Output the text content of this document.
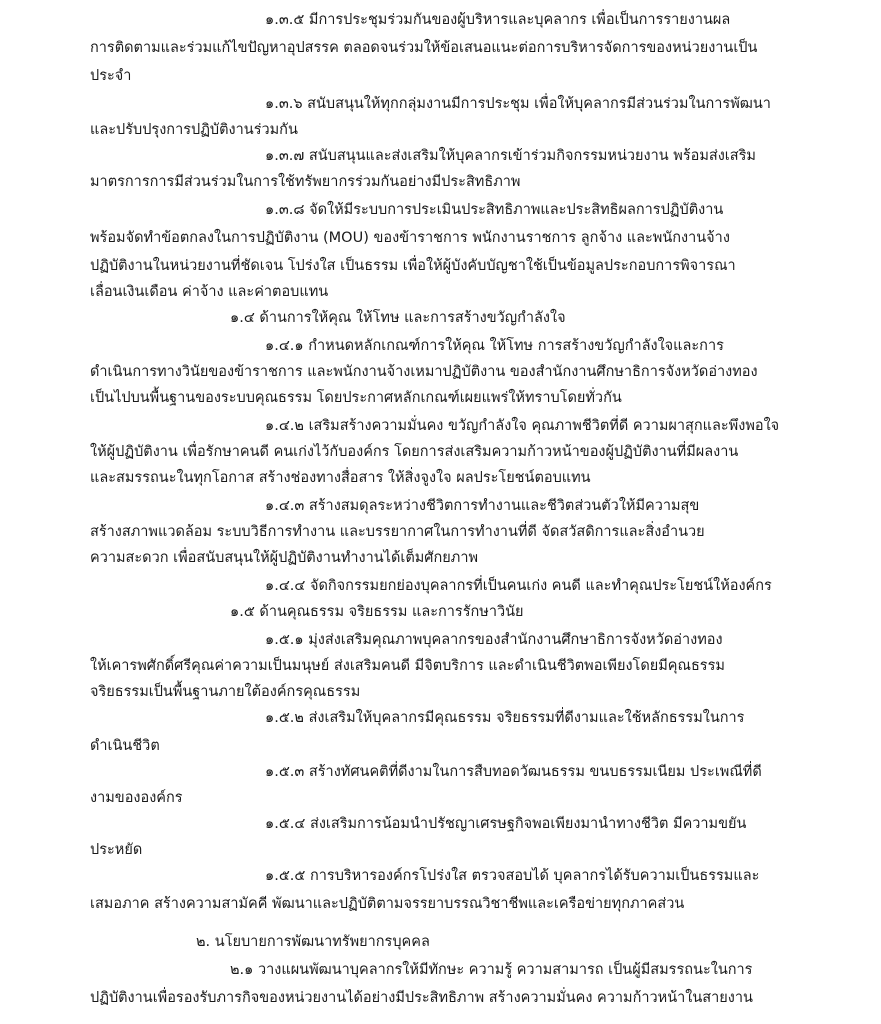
๑.๓.๕ มีการประชุมร่วมกันของผู้บริหารและบุคลากร เพื่อเป็นการรายงานผล
การติดตามและร่วมแก้ไขปัญหาอุปสรรค ตลอดจนร่วมให้ข้อเสนอแนะต่อการบริหารจัดการของหน่วยงานเป็น
ประจำ
๑.๓.๖ สนับสนุนให้ทุกกลุ่มงานมีการประชุม เพื่อให้บุคลากรมีส่วนร่วมในการพัฒนา
และปรับปรุงการปฏิบัติงานร่วมกัน
๑.๓.๗ สนับสนุนและส่งเสริมให้บุคลากรเข้าร่วมกิจกรรมหน่วยงาน พร้อมส่งเสริม
มาตรการการมีส่วนร่วมในการใช้ทรัพยากรร่วมกันอย่างมีประสิทธิภาพ
๑.๓.๘ จัดให้มีระบบการประเมินประสิทธิภาพและประสิทธิผลการปฏิบัติงาน
พร้อมจัดทำข้อตกลงในการปฏิบัติงาน (MOU) ของข้าราชการ พนักงานราชการ ลูกจ้าง และพนักงานจ้าง
ปฏิบัติงานในหน่วยงานที่ชัดเจน โปร่งใส เป็นธรรม เพื่อให้ผู้บังคับบัญชาใช้เป็นข้อมูลประกอบการพิจารณา
เลื่อนเงินเดือน ค่าจ้าง และค่าตอบแทน
๑.๔ ด้านการให้คุณ ให้โทษ และการสร้างขวัญกำลังใจ
๑.๔.๑ กำหนดหลักเกณฑ์การให้คุณ ให้โทษ การสร้างขวัญกำลังใจและการ
ดำเนินการทางวินัยของข้าราชการ และพนักงานจ้างเหมาปฏิบัติงาน ของสำนักงานศึกษาธิการจังหวัดอ่างทอง
เป็นไปบนพื้นฐานของระบบคุณธรรม โดยประกาศหลักเกณฑ์เผยแพร่ให้ทราบโดยทั่วกัน
๑.๔.๒ เสริมสร้างความมั่นคง ขวัญกำลังใจ คุณภาพชีวิตที่ดี ความผาสุกและพึงพอใจ
ให้ผู้ปฏิบัติงาน เพื่อรักษาคนดี คนเก่งไว้กับองค์กร โดยการส่งเสริมความก้าวหน้าของผู้ปฏิบัติงานที่มีผลงาน
และสมรรถนะในทุกโอกาส สร้างช่องทางสื่อสาร ให้สิ่งจูงใจ ผลประโยชน์ตอบแทน
๑.๔.๓ สร้างสมดุลระหว่างชีวิตการทำงานและชีวิตส่วนตัวให้มีความสุข
สร้างสภาพแวดล้อม ระบบวิธีการทำงาน และบรรยากาศในการทำงานที่ดี จัดสวัสดิการและสิ่งอำนวย
ความสะดวก เพื่อสนับสนุนให้ผู้ปฏิบัติงานทำงานได้เต็มศักยภาพ
๑.๔.๔ จัดกิจกรรมยกย่องบุคลากรที่เป็นคนเก่ง คนดี และทำคุณประโยชน์ให้องค์กร
๑.๕ ด้านคุณธรรม จริยธรรม และการรักษาวินัย
๑.๕.๑ มุ่งส่งเสริมคุณภาพบุคลากรของสำนักงานศึกษาธิการจังหวัดอ่างทอง
ให้เคารพศักดิ์ศรีคุณค่าความเป็นมนุษย์ ส่งเสริมคนดี มีจิตบริการ และดำเนินชีวิตพอเพียงโดยมีคุณธรรม
จริยธรรมเป็นพื้นฐานภายใต้องค์กรคุณธรรม
๑.๕.๒ ส่งเสริมให้บุคลากรมีคุณธรรม จริยธรรมที่ดีงามและใช้หลักธรรมในการ
ดำเนินชีวิต
๑.๕.๓ สร้างทัศนคติที่ดีงามในการสืบทอดวัฒนธรรม ขนบธรรมเนียม ประเพณีที่ดี
งามขององค์กร
๑.๕.๔ ส่งเสริมการน้อมนำปรัชญาเศรษฐกิจพอเพียงมานำทางชีวิต มีความขยัน
ประหยัด
๑.๕.๕ การบริหารองค์กรโปร่งใส ตรวจสอบได้ บุคลากรได้รับความเป็นธรรมและ
เสมอภาค สร้างความสามัคคี พัฒนาและปฏิบัติตามจรรยาบรรณวิชาชีพและเครือข่ายทุกภาคส่วน
๒. นโยบายการพัฒนาทรัพยากรบุคคล
๒.๑ วางแผนพัฒนาบุคลากรให้มีทักษะ ความรู้ ความสามารถ เป็นผู้มีสมรรถนะในการ
ปฏิบัติงานเพื่อรองรับภารกิจของหน่วยงานได้อย่างมีประสิทธิภาพ สร้างความมั่นคง ความก้าวหน้าในสายงาน
